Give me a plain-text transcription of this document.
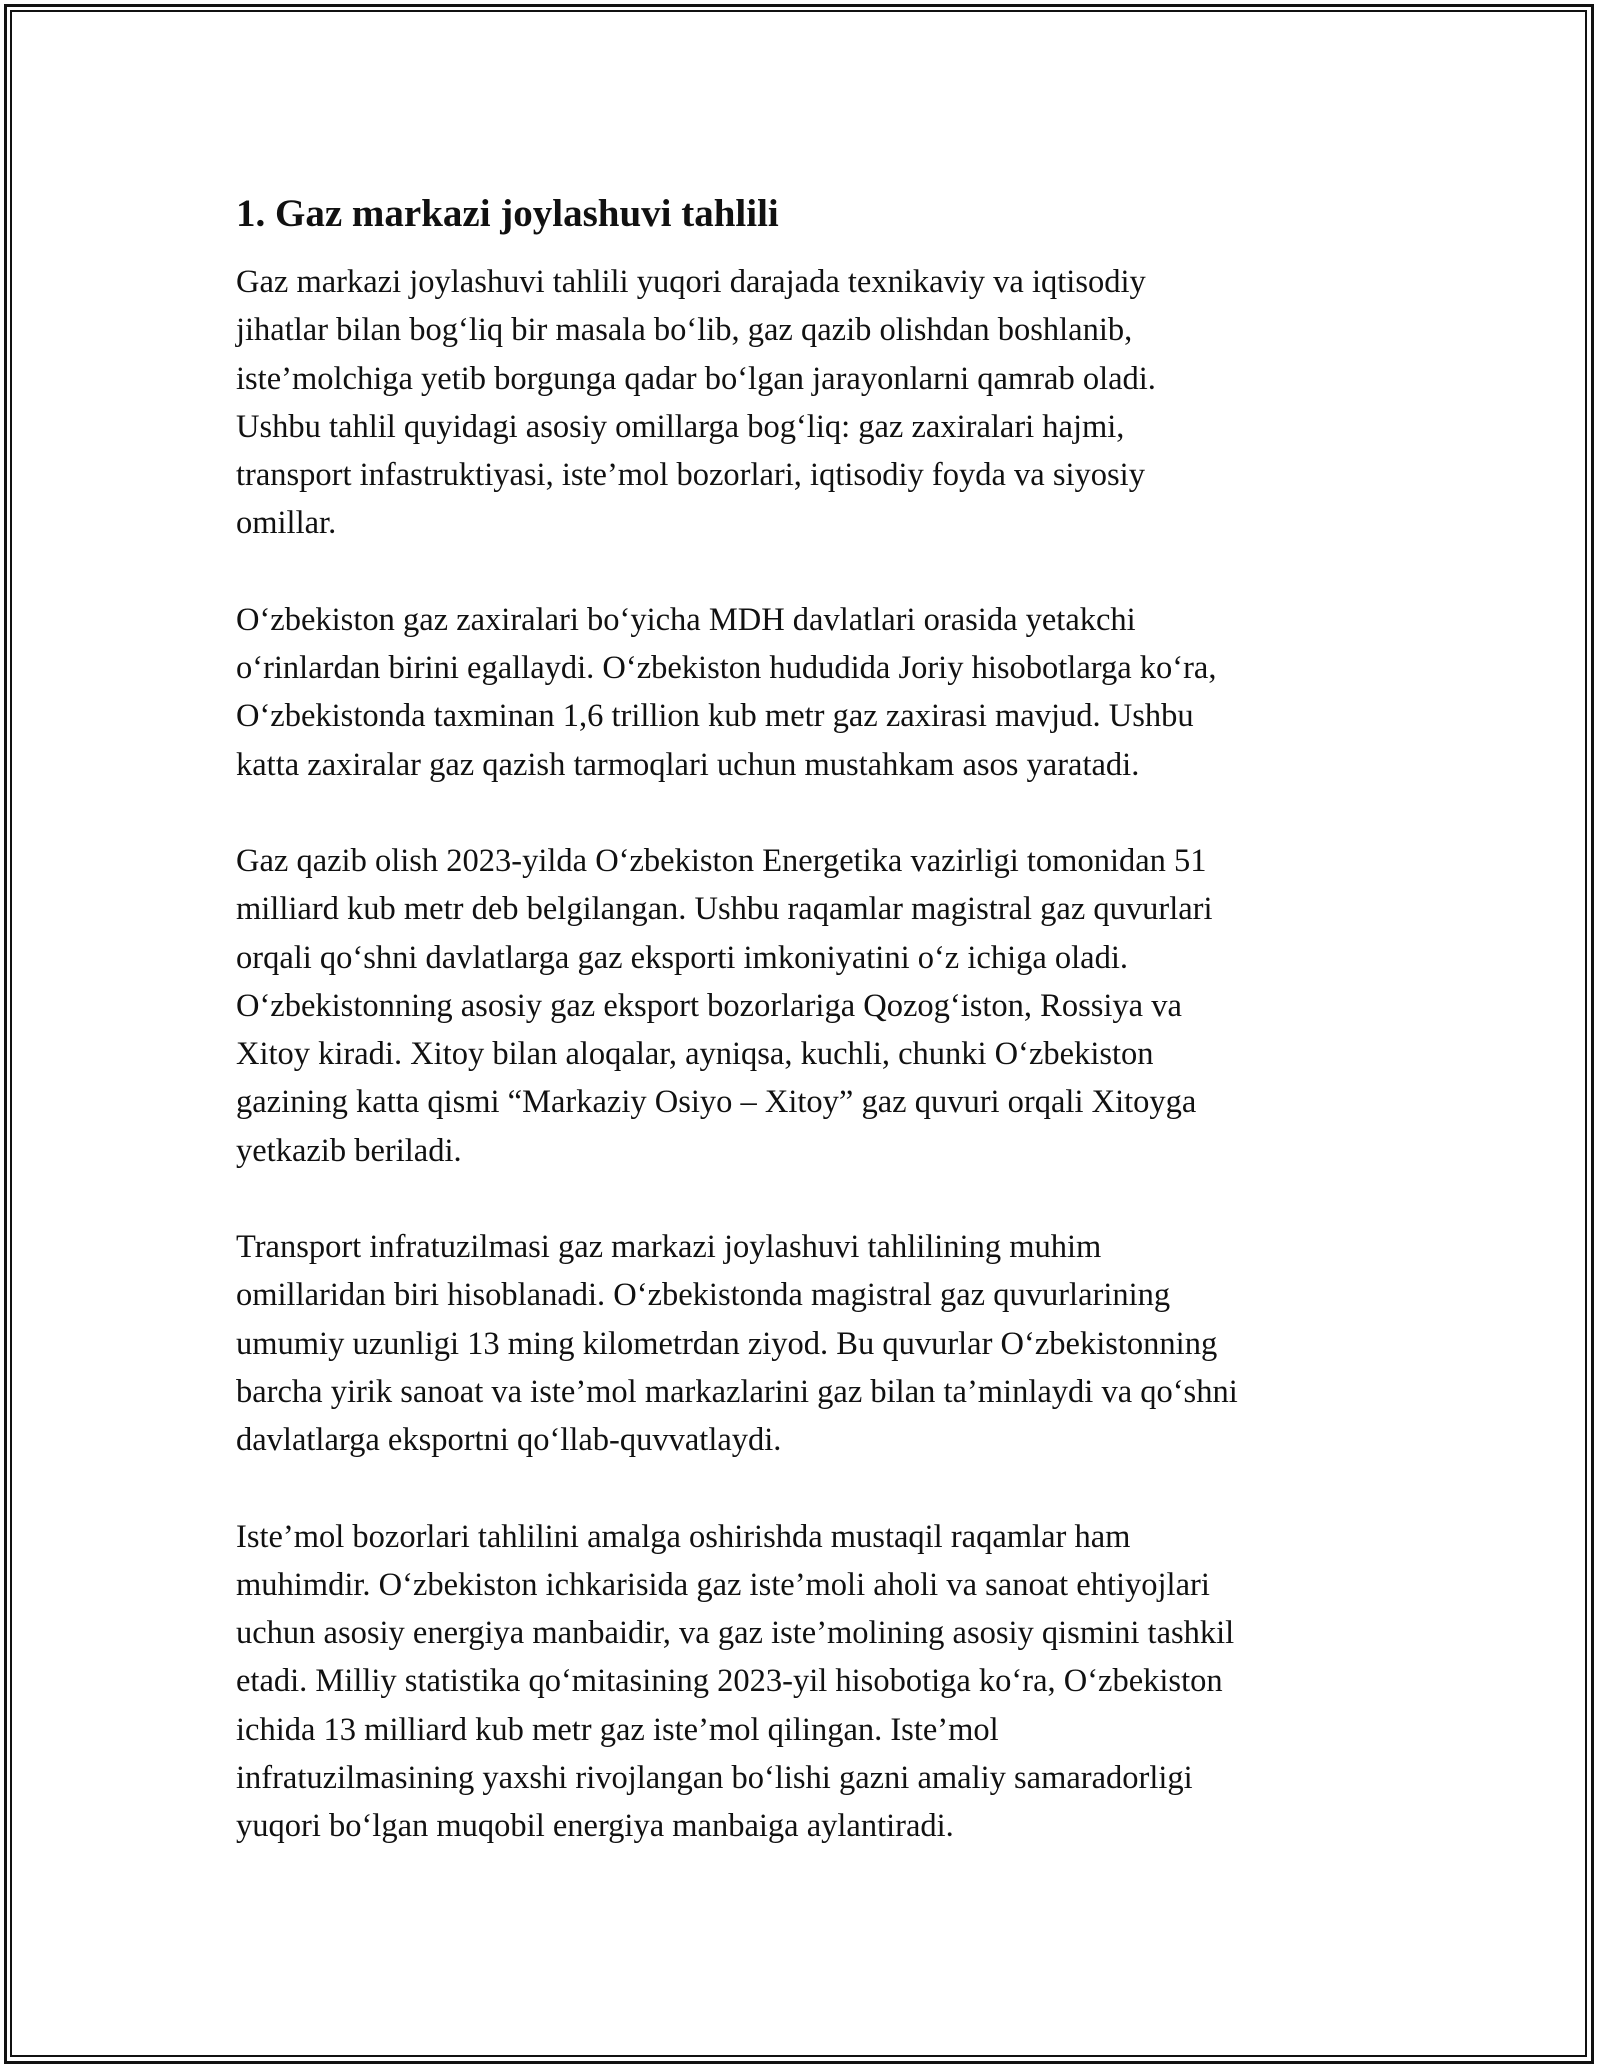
1. Gaz markazi joylashuvi tahlili
Gaz markazi joylashuvi tahlili yuqori darajada texnikaviy va iqtisodiy
jihatlar bilan bog‘liq bir masala bo‘lib, gaz qazib olishdan boshlanib,
iste’molchiga yetib borgunga qadar bo‘lgan jarayonlarni qamrab oladi.
Ushbu tahlil quyidagi asosiy omillarga bog‘liq: gaz zaxiralari hajmi,
transport infastruktiyasi, iste’mol bozorlari, iqtisodiy foyda va siyosiy
omillar.
O‘zbekiston gaz zaxiralari bo‘yicha MDH davlatlari orasida yetakchi
o‘rinlardan birini egallaydi. O‘zbekiston hududida Joriy hisobotlarga ko‘ra,
O‘zbekistonda taxminan 1,6 trillion kub metr gaz zaxirasi mavjud. Ushbu
katta zaxiralar gaz qazish tarmoqlari uchun mustahkam asos yaratadi.
Gaz qazib olish 2023-yilda O‘zbekiston Energetika vazirligi tomonidan 51
milliard kub metr deb belgilangan. Ushbu raqamlar magistral gaz quvurlari
orqali qo‘shni davlatlarga gaz eksporti imkoniyatini o‘z ichiga oladi.
O‘zbekistonning asosiy gaz eksport bozorlariga Qozog‘iston, Rossiya va
Xitoy kiradi. Xitoy bilan aloqalar, ayniqsa, kuchli, chunki O‘zbekiston
gazining katta qismi “Markaziy Osiyo – Xitoy” gaz quvuri orqali Xitoyga
yetkazib beriladi.
Transport infratuzilmasi gaz markazi joylashuvi tahlilining muhim
omillaridan biri hisoblanadi. O‘zbekistonda magistral gaz quvurlarining
umumiy uzunligi 13 ming kilometrdan ziyod. Bu quvurlar O‘zbekistonning
barcha yirik sanoat va iste’mol markazlarini gaz bilan ta’minlaydi va qo‘shni
davlatlarga eksportni qo‘llab-quvvatlaydi.
Iste’mol bozorlari tahlilini amalga oshirishda mustaqil raqamlar ham
muhimdir. O‘zbekiston ichkarisida gaz iste’moli aholi va sanoat ehtiyojlari
uchun asosiy energiya manbaidir, va gaz iste’molining asosiy qismini tashkil
etadi. Milliy statistika qo‘mitasining 2023-yil hisobotiga ko‘ra, O‘zbekiston
ichida 13 milliard kub metr gaz iste’mol qilingan. Iste’mol
infratuzilmasining yaxshi rivojlangan bo‘lishi gazni amaliy samaradorligi
yuqori bo‘lgan muqobil energiya manbaiga aylantiradi.
